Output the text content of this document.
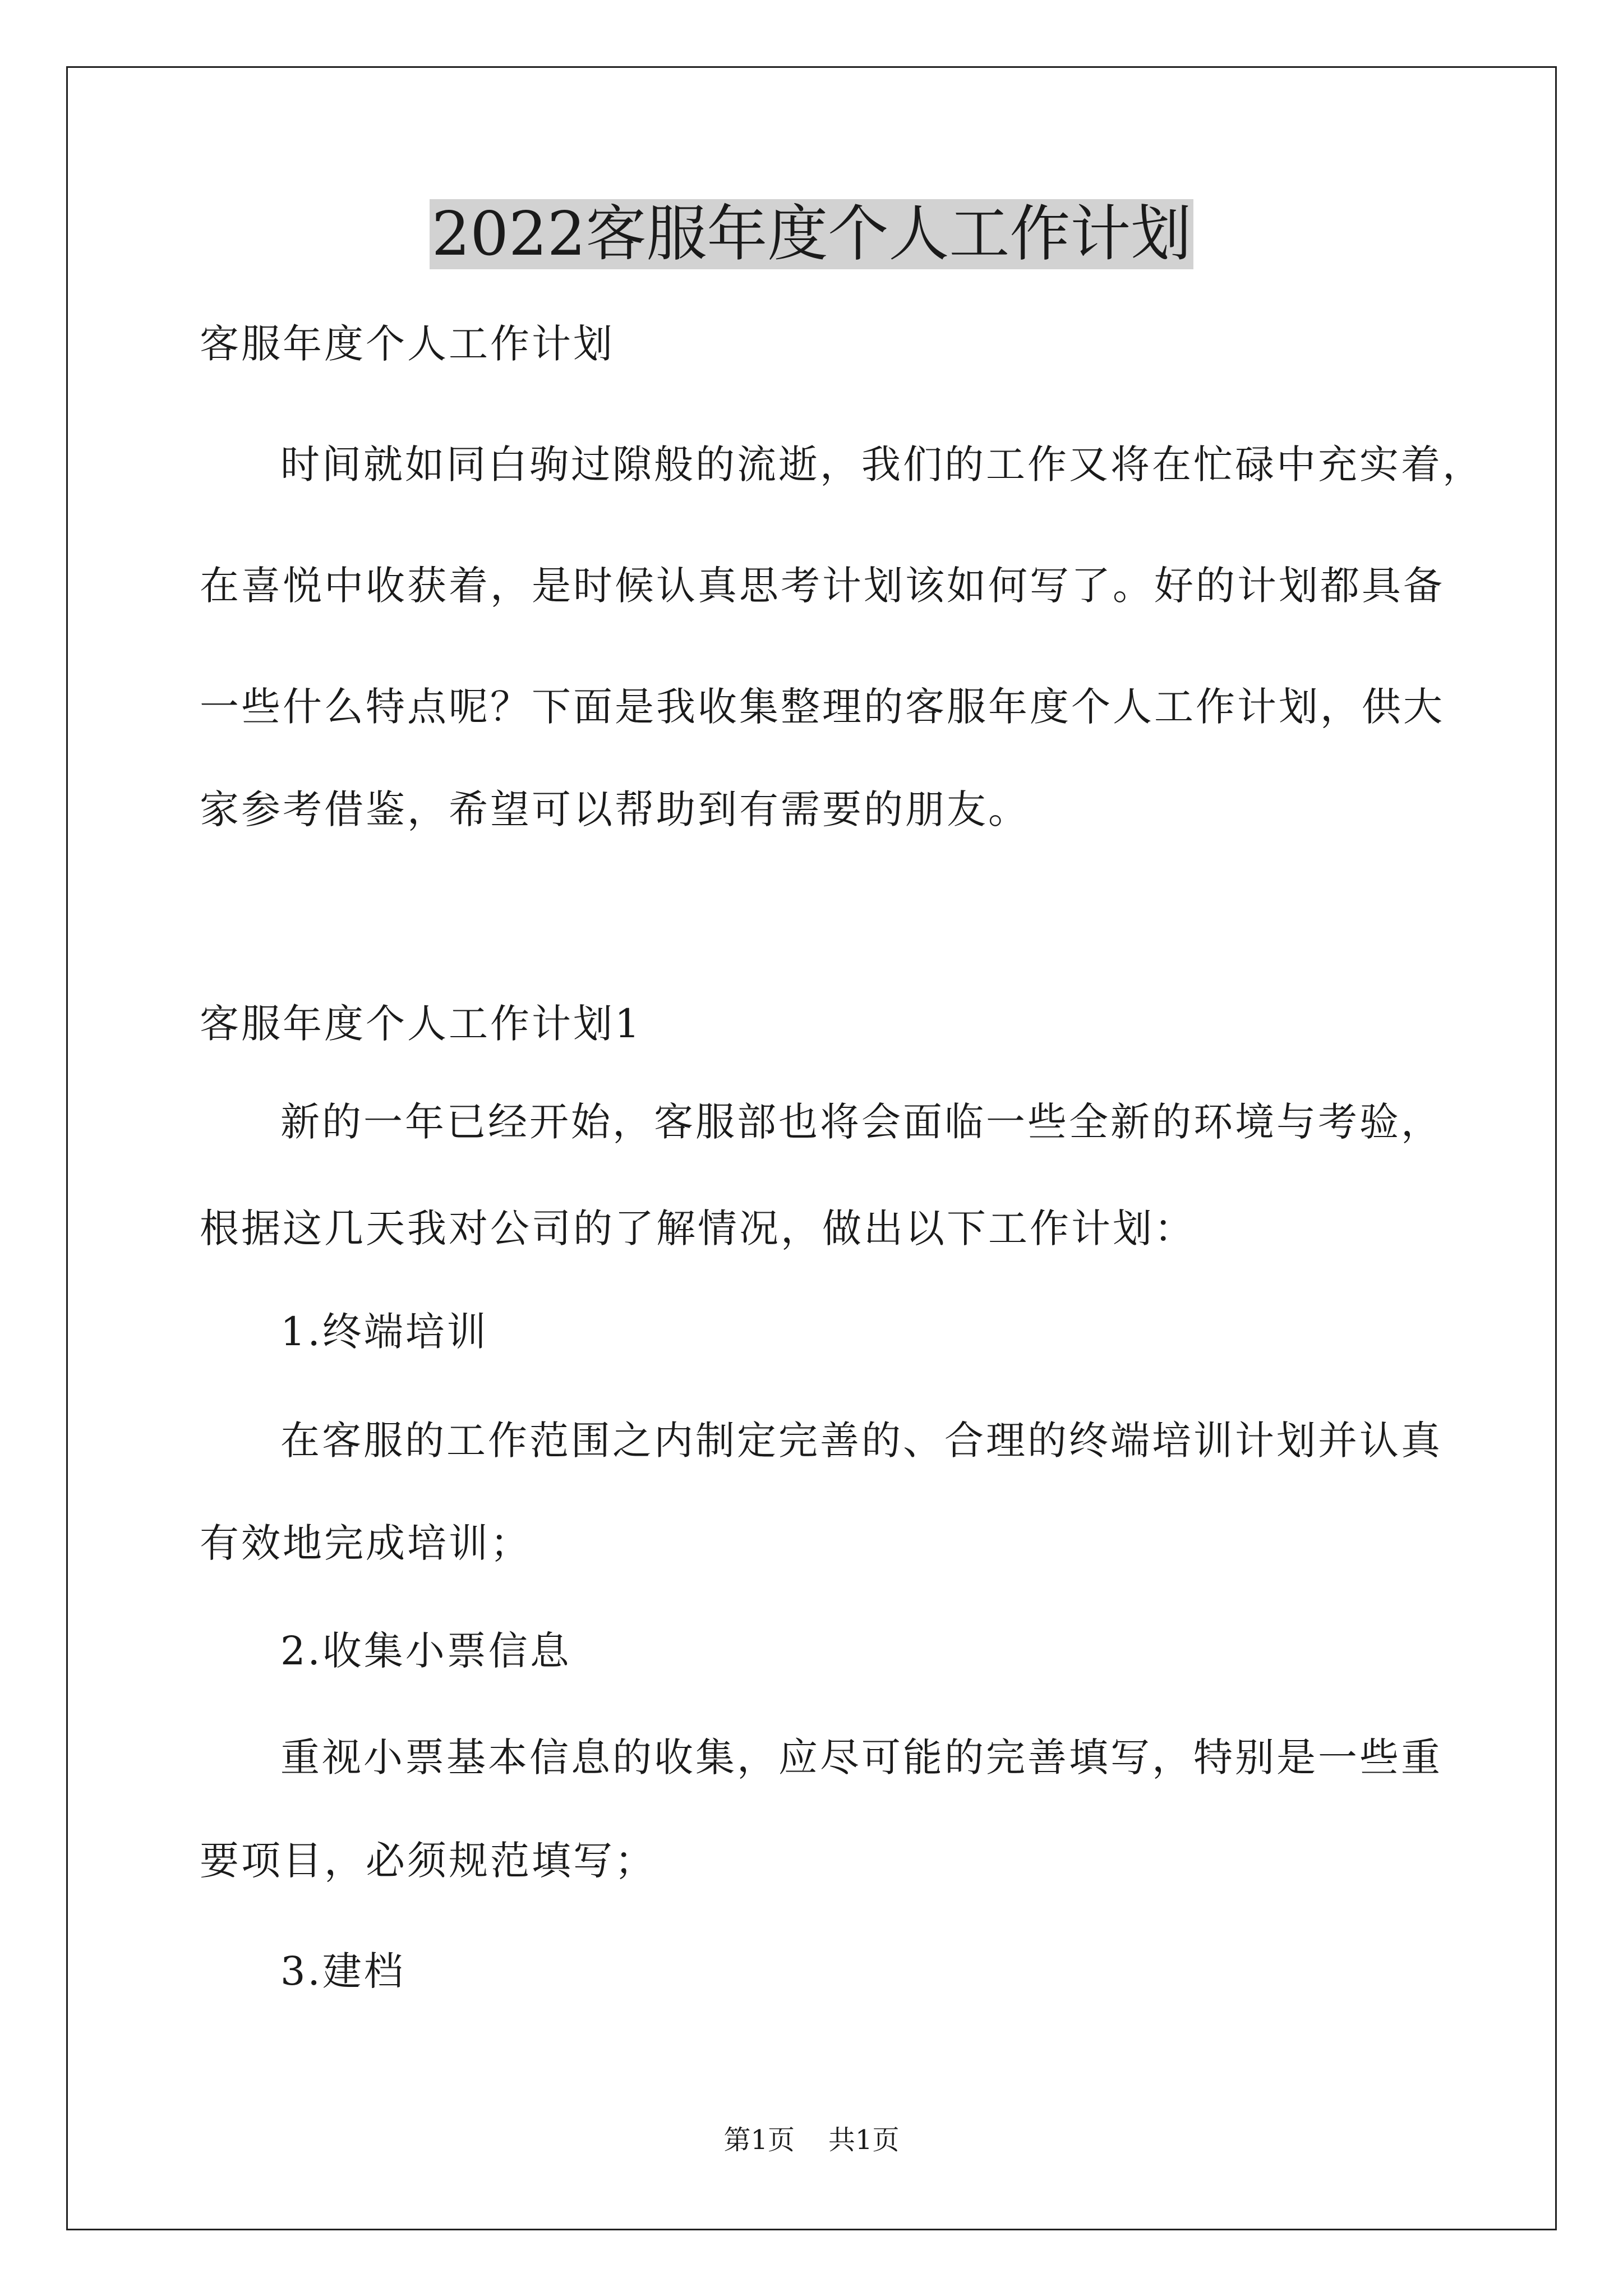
2022客服年度个人工作计划

客服年度个人工作计划

时间就如同白驹过隙般的流逝，我们的工作又将在忙碌中充实着，

在喜悦中收获着，是时候认真思考计划该如何写了。好的计划都具备

一些什么特点呢？下面是我收集整理的客服年度个人工作计划，供大

家参考借鉴，希望可以帮助到有需要的朋友。

客服年度个人工作计划1

新的一年已经开始，客服部也将会面临一些全新的环境与考验，

根据这几天我对公司的了解情况，做出以下工作计划：

1.终端培训

在客服的工作范围之内制定完善的、合理的终端培训计划并认真

有效地完成培训；

2.收集小票信息

重视小票基本信息的收集，应尽可能的完善填写，特别是一些重

要项目，必须规范填写；

3.建档

第1页 共1页
